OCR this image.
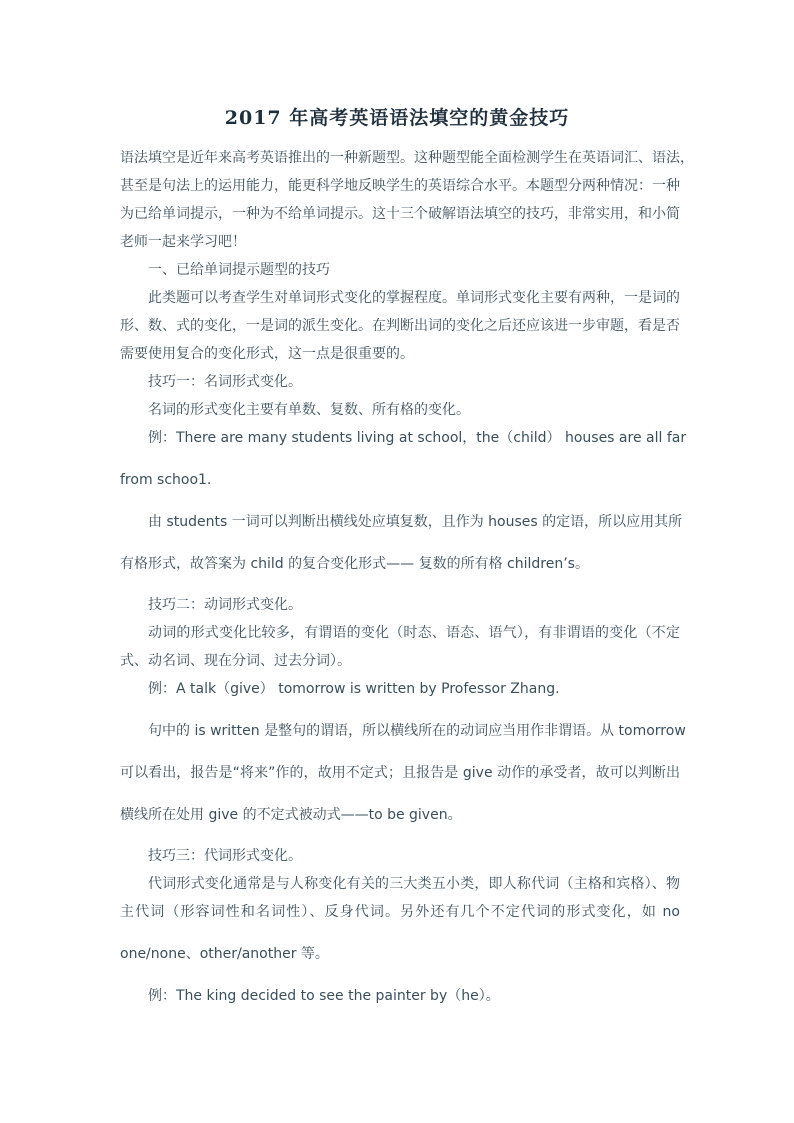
2017 年高考英语语法填空的黄金技巧
语法填空是近年来高考英语推出的一种新题型。这种题型能全面检测学生在英语词汇、语法，
甚至是句法上的运用能力，能更科学地反映学生的英语综合水平。本题型分两种情况：一种
为已给单词提示，一种为不给单词提示。这十三个破解语法填空的技巧，非常实用，和小简
老师一起来学习吧！
一、已给单词提示题型的技巧
此类题可以考查学生对单词形式变化的掌握程度。单词形式变化主要有两种，一是词的
形、数、式的变化，一是词的派生变化。在判断出词的变化之后还应该进一步审题，看是否
需要使用复合的变化形式，这一点是很重要的。
技巧一：名词形式变化。
名词的形式变化主要有单数、复数、所有格的变化。
例：There are many students living at school，the（child） houses are all far
from schoo1.
由 students 一词可以判断出横线处应填复数，且作为 houses 的定语，所以应用其所
有格形式，故答案为 child 的复合变化形式—— 复数的所有格 children’s。
技巧二：动词形式变化。
动词的形式变化比较多，有谓语的变化（时态、语态、语气），有非谓语的变化（不定
式、动名词、现在分词、过去分词）。
例：A talk（give） tomorrow is written by Professor Zhang.
句中的 is written 是整句的谓语，所以横线所在的动词应当用作非谓语。从 tomorrow
可以看出，报告是“将来”作的，故用不定式；且报告是 give 动作的承受者，故可以判断出
横线所在处用 give 的不定式被动式——to be given。
技巧三：代词形式变化。
代词形式变化通常是与人称变化有关的三大类五小类，即人称代词（主格和宾格）、物
主代词（形容词性和名词性）、反身代词。另外还有几个不定代词的形式变化，如 no
one/none、other/another 等。
例：The king decided to see the painter by（he）。
